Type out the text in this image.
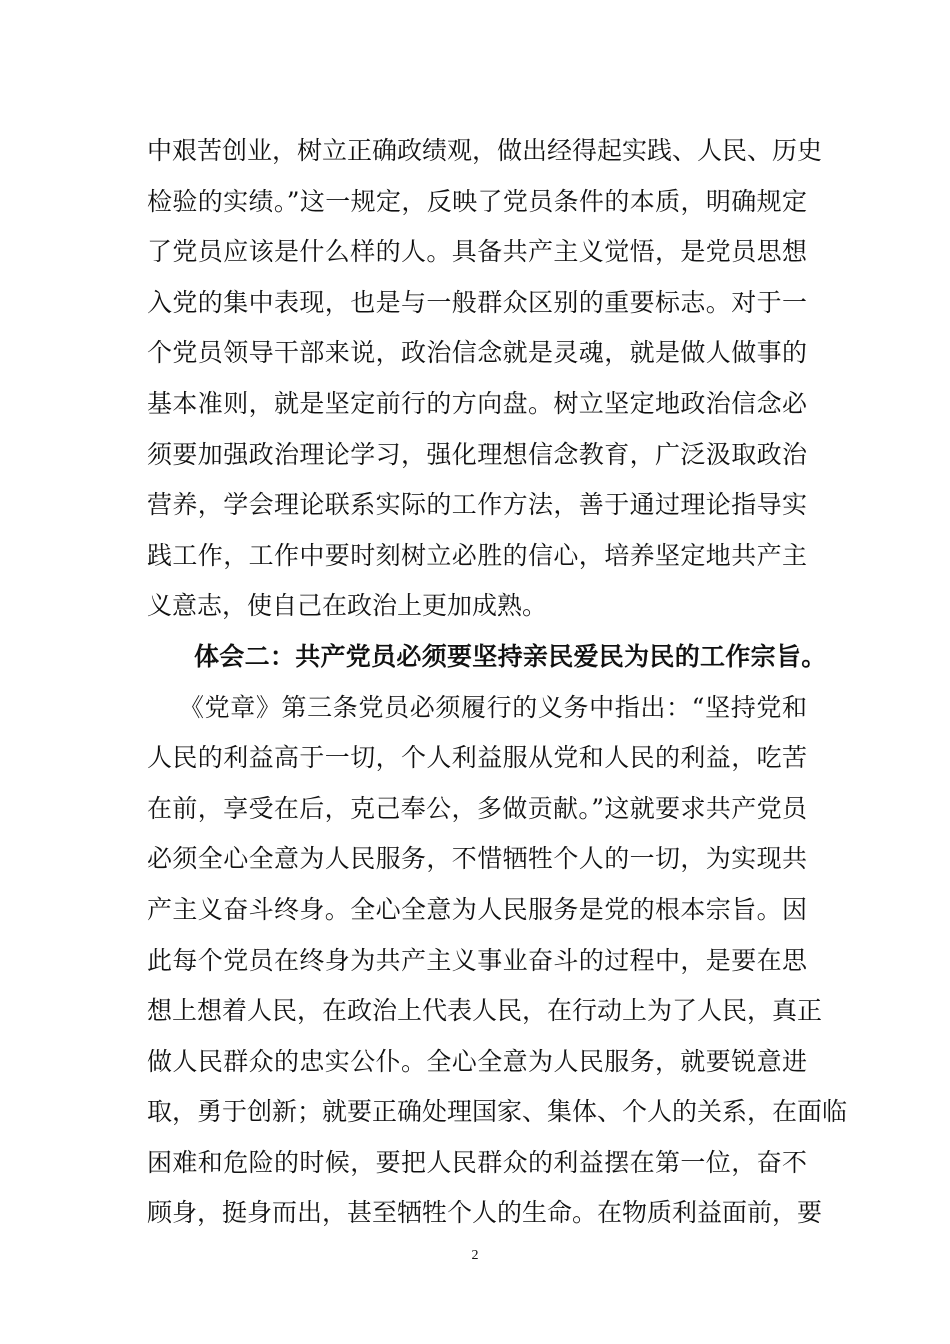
中艰苦创业，树立正确政绩观，做出经得起实践、人民、历史
检验的实绩。”这一规定，反映了党员条件的本质，明确规定
了党员应该是什么样的人。具备共产主义觉悟，是党员思想
入党的集中表现，也是与一般群众区别的重要标志。对于一
个党员领导干部来说，政治信念就是灵魂，就是做人做事的
基本准则，就是坚定前行的方向盘。树立坚定地政治信念必
须要加强政治理论学习，强化理想信念教育，广泛汲取政治
营养，学会理论联系实际的工作方法，善于通过理论指导实
践工作，工作中要时刻树立必胜的信心，培养坚定地共产主
义意志，使自己在政治上更加成熟。
体会二：共产党员必须要坚持亲民爱民为民的工作宗旨。
《党章》第三条党员必须履行的义务中指出：“坚持党和
人民的利益高于一切，个人利益服从党和人民的利益，吃苦
在前，享受在后，克己奉公，多做贡献。”这就要求共产党员
必须全心全意为人民服务，不惜牺牲个人的一切，为实现共
产主义奋斗终身。全心全意为人民服务是党的根本宗旨。因
此每个党员在终身为共产主义事业奋斗的过程中，是要在思
想上想着人民，在政治上代表人民，在行动上为了人民，真正
做人民群众的忠实公仆。全心全意为人民服务，就要锐意进
取，勇于创新；就要正确处理国家、集体、个人的关系，在面临
困难和危险的时候，要把人民群众的利益摆在第一位，奋不
顾身，挺身而出，甚至牺牲个人的生命。在物质利益面前，要
2
